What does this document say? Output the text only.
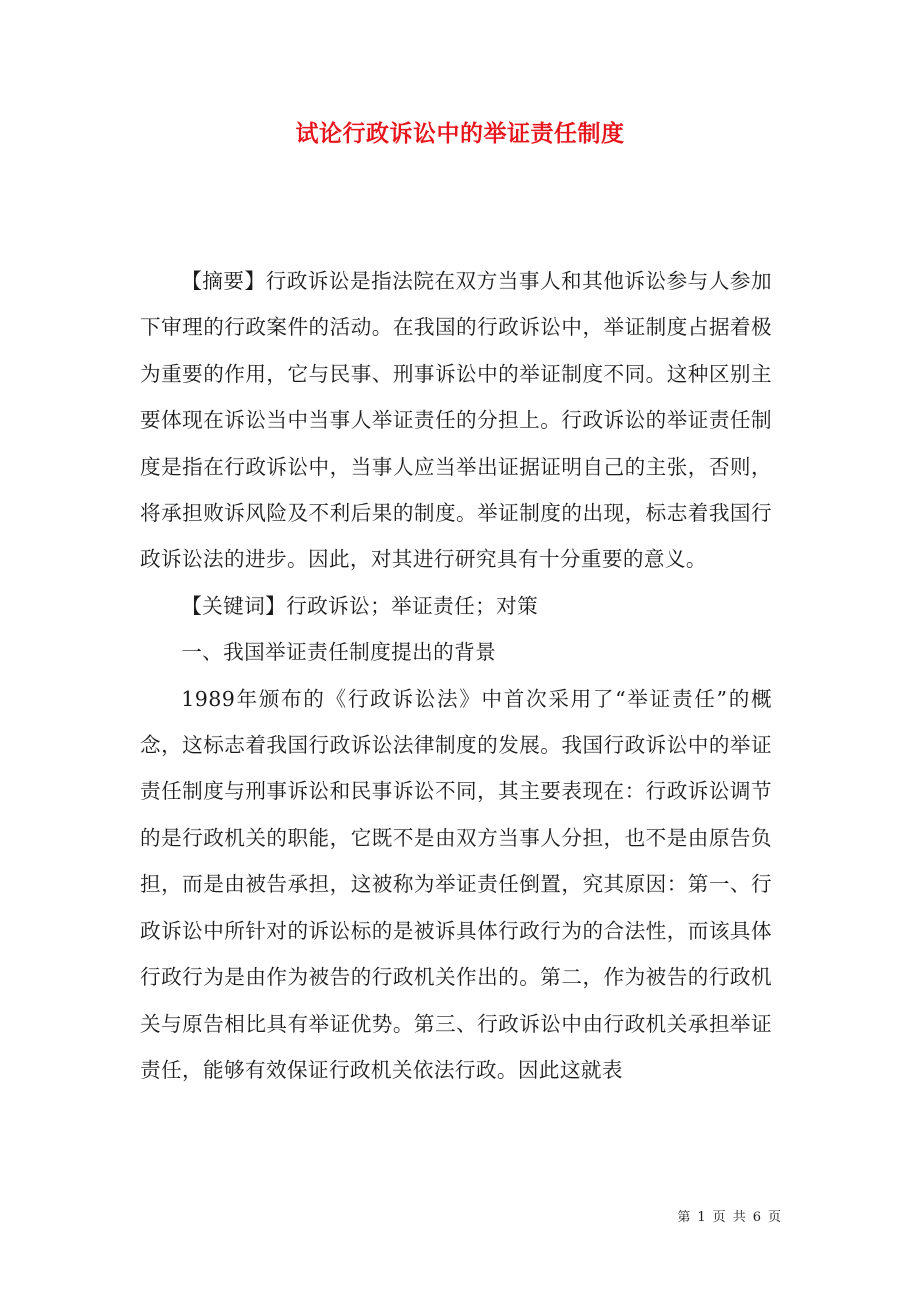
试论行政诉讼中的举证责任制度

【摘要】行政诉讼是指法院在双方当事人和其他诉讼参与人参加下审理的行政案件的活动。在我国的行政诉讼中，举证制度占据着极为重要的作用，它与民事、刑事诉讼中的举证制度不同。这种区别主要体现在诉讼当中当事人举证责任的分担上。行政诉讼的举证责任制度是指在行政诉讼中，当事人应当举出证据证明自己的主张，否则，将承担败诉风险及不利后果的制度。举证制度的出现，标志着我国行政诉讼法的进步。因此，对其进行研究具有十分重要的意义。

【关键词】行政诉讼；举证责任；对策

一、我国举证责任制度提出的背景

1989年颁布的《行政诉讼法》中首次采用了“举证责任”的概念，这标志着我国行政诉讼法律制度的发展。我国行政诉讼中的举证责任制度与刑事诉讼和民事诉讼不同，其主要表现在：行政诉讼调节的是行政机关的职能，它既不是由双方当事人分担，也不是由原告负担，而是由被告承担，这被称为举证责任倒置，究其原因：第一、行政诉讼中所针对的诉讼标的是被诉具体行政行为的合法性，而该具体行政行为是由作为被告的行政机关作出的。第二，作为被告的行政机关与原告相比具有举证优势。第三、行政诉讼中由行政机关承担举证责任，能够有效保证行政机关依法行政。因此这就表

第 1 页 共 6 页
